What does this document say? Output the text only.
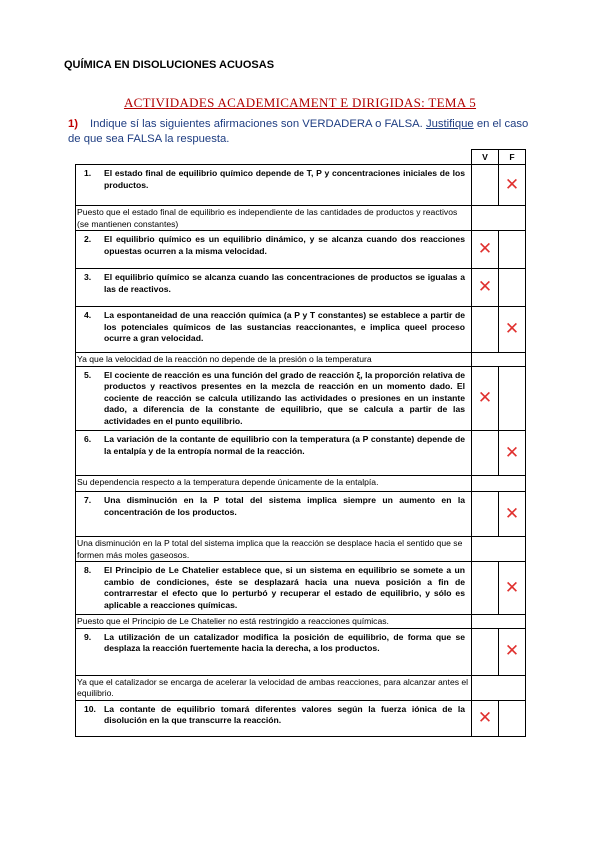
QUÍMICA EN DISOLUCIONES ACUOSAS
ACTIVIDADES ACADEMICAMENT E DIRIGIDAS: TEMA 5
1) Indique sí las siguientes afirmaciones son VERDADERA o FALSA. Justifique en el caso de que sea FALSA la respuesta.
	V	F

1. El estado final de equilibrio químico depende de T, P y concentraciones iniciales de los productos.		✕
Puesto que el estado final de equilibrio es independiente de las cantidades de productos y reactivos (se mantienen constantes)		

2. El equilibrio químico es un equilibrio dinámico, y se alcanza cuando dos reacciones opuestas ocurren a la misma velocidad.	✕	

3. El equilibrio químico se alcanza cuando las concentraciones de productos se igualas a las de reactivos.	✕	

4. La espontaneidad de una reacción química (a P y T constantes) se establece a partir de los potenciales químicos de las sustancias reaccionantes, e implica queel proceso ocurre a gran velocidad.		✕
Ya que la velocidad de la reacción no depende de la presión o la temperatura		

5. El cociente de reacción es una función del grado de reacción ξ, la proporción relativa de productos y reactivos presentes en la mezcla de reacción en un momento dado. El cociente de reacción se calcula utilizando las actividades o presiones en un instante dado, a diferencia de la constante de equilibrio, que se calcula a partir de las actividades en el punto equilibrio.	✕	

6. La variación de la contante de equilibrio con la temperatura (a P constante) depende de la entalpía y de la entropía normal de la reacción.		✕
Su dependencia respecto a la temperatura depende únicamente de la entalpía.		

7. Una disminución en la P total del sistema implica siempre un aumento en la concentración de los productos.		✕
Una disminución en la P total del sistema implica que la reacción se desplace hacia el sentido que se formen más moles gaseosos.		

8. El Principio de Le Chatelier establece que, si un sistema en equilibrio se somete a un cambio de condiciones, éste se desplazará hacia una nueva posición a fin de contrarrestar el efecto que lo perturbó y recuperar el estado de equilibrio, y sólo es aplicable a reacciones químicas.		✕
Puesto que el Principio de Le Chatelier no está restringido a reacciones químicas.		

9. La utilización de un catalizador modifica la posición de equilibrio, de forma que se desplaza la reacción fuertemente hacia la derecha, a los productos.		✕
Ya que el catalizador se encarga de acelerar la velocidad de ambas reacciones, para alcanzar antes el equilibrio.		

10. La contante de equilibrio tomará diferentes valores según la fuerza iónica de la disolución en la que transcurre la reacción.	✕	
